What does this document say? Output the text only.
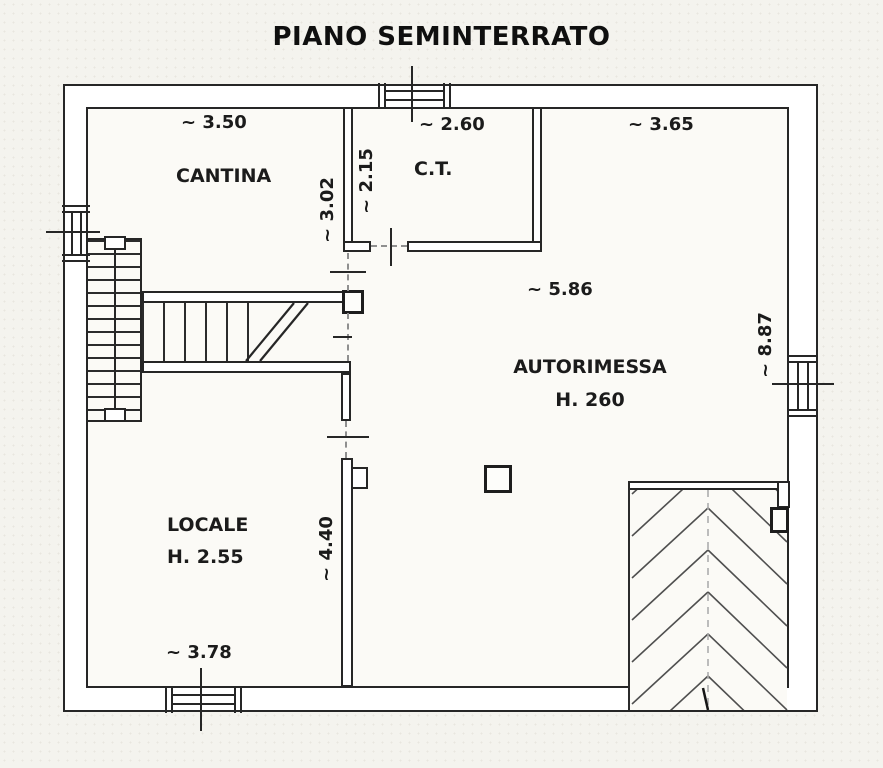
PIANO SEMINTERRATO
~ 3.50
CANTINA
~ 3.02 ~ 2.15
~ 2.60
C.T.
~ 3.65
~ 5.86
AUTORIMESSA
H. 260
~ 8.87
~ 4.40
LOCALE
H. 2.55
~ 3.78
